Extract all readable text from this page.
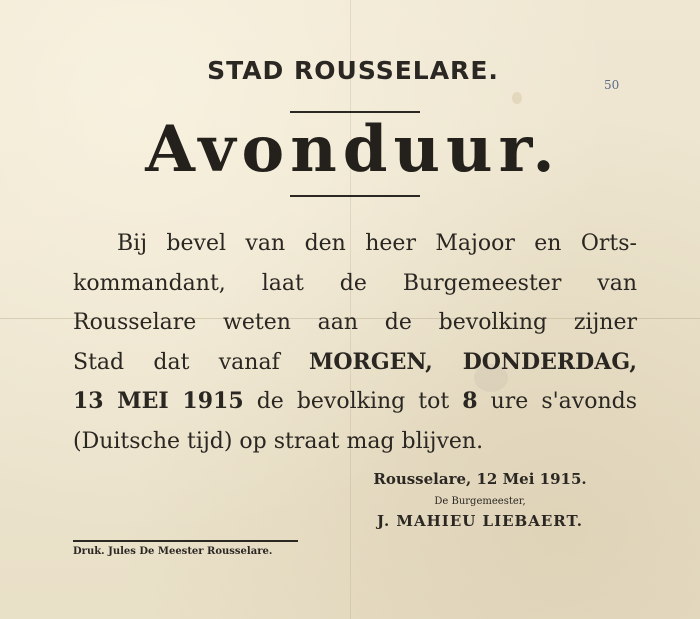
STAD ROUSSELARE.	50
Avonduur.
Bij bevel van den heer Majoor en Orts-
kommandant, laat de Burgemeester van
Rousselare weten aan de bevolking zijner
Stad dat vanaf MORGEN, DONDERDAG,
13 MEI 1915 de bevolking tot 8 ure s'avonds
(Duitsche tijd) op straat mag blijven.
Rousselare, 12 Mei 1915.
De Burgemeester,
J. MAHIEU LIEBAERT.
Druk. Jules De Meester Rousselare.
